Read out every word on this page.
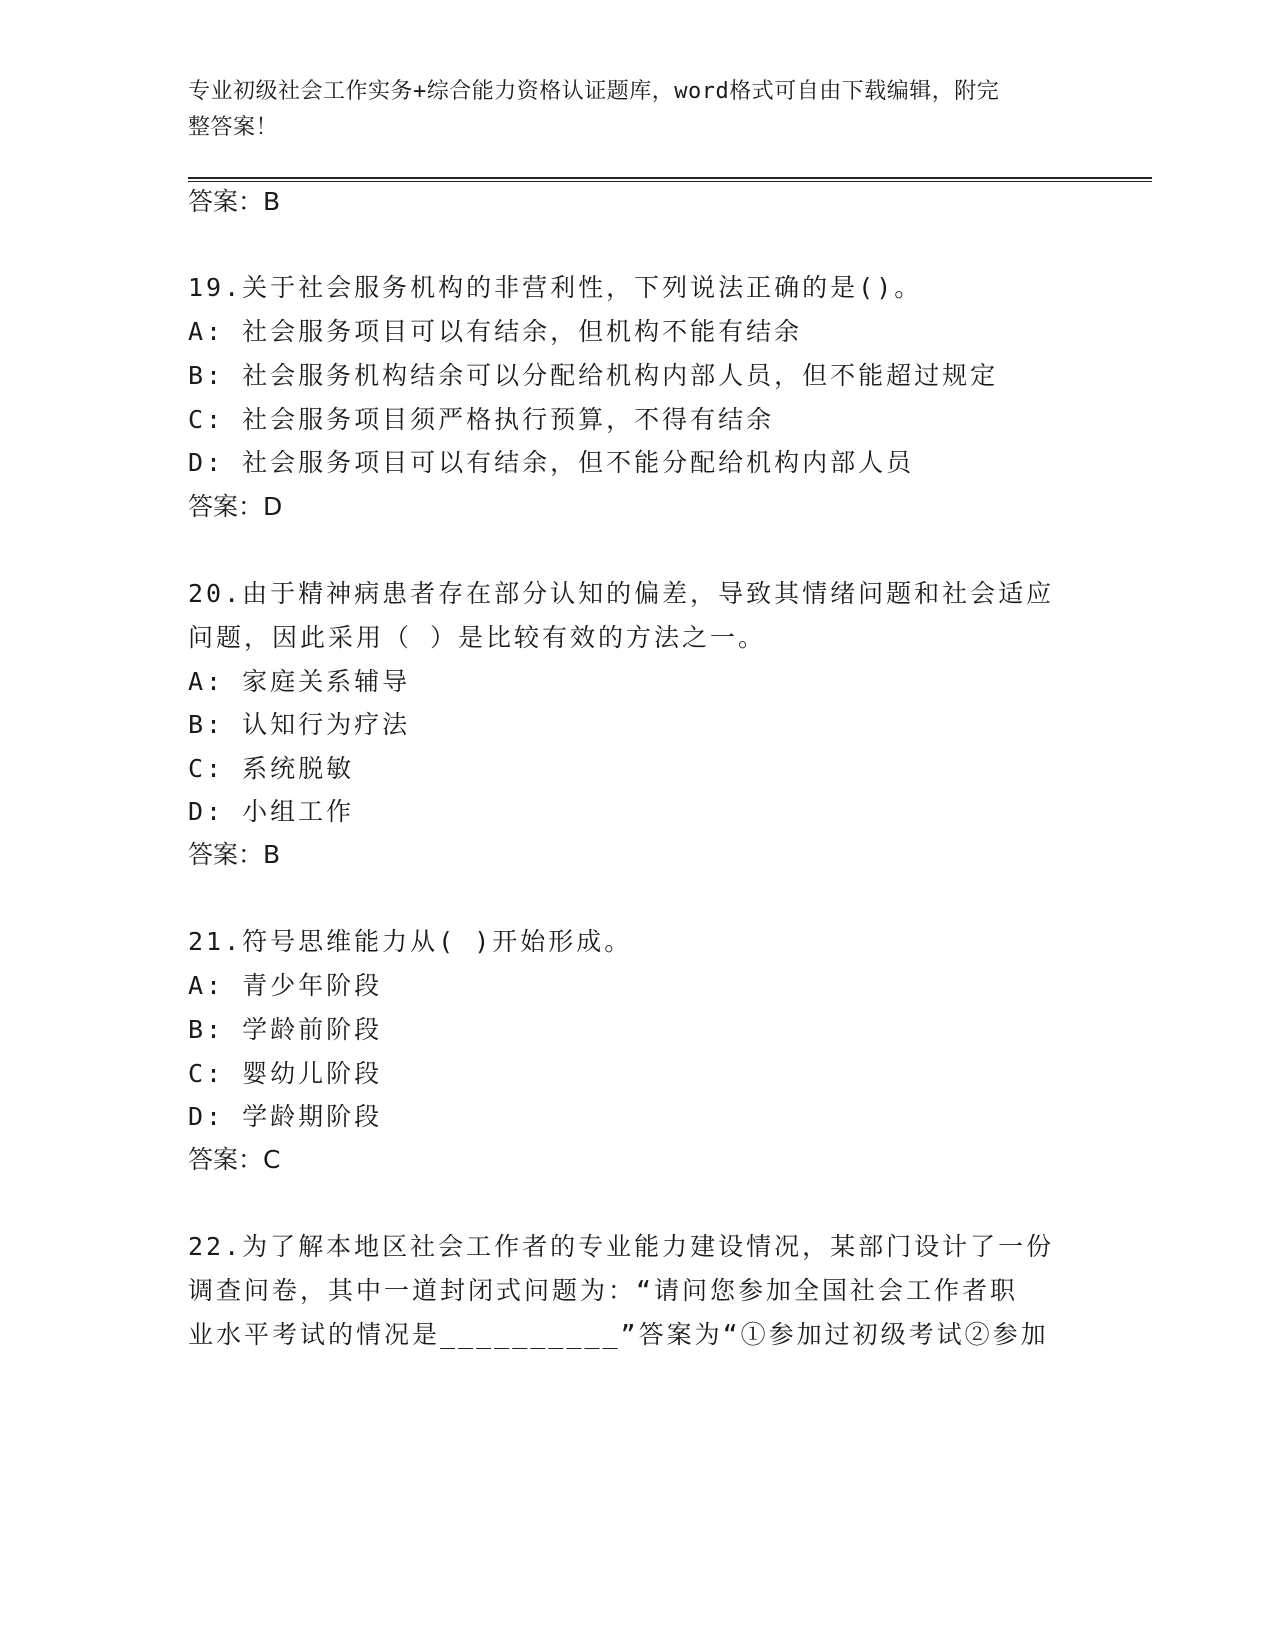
专业初级社会工作实务+综合能力资格认证题库，word格式可自由下载编辑，附完
整答案！
答案：B
19.关于社会服务机构的非营利性，下列说法正确的是()。
A: 社会服务项目可以有结余，但机构不能有结余
B: 社会服务机构结余可以分配给机构内部人员，但不能超过规定
C: 社会服务项目须严格执行预算，不得有结余
D: 社会服务项目可以有结余，但不能分配给机构内部人员
答案：D
20.由于精神病患者存在部分认知的偏差，导致其情绪问题和社会适应
问题，因此采用（ ）是比较有效的方法之一。
A: 家庭关系辅导
B: 认知行为疗法
C: 系统脱敏
D: 小组工作
答案：B
21.符号思维能力从( )开始形成。
A: 青少年阶段
B: 学龄前阶段
C: 婴幼儿阶段
D: 学龄期阶段
答案：C
22.为了解本地区社会工作者的专业能力建设情况，某部门设计了一份
调查问卷，其中一道封闭式问题为：“请问您参加全国社会工作者职
业水平考试的情况是__________”答案为“①参加过初级考试②参加
